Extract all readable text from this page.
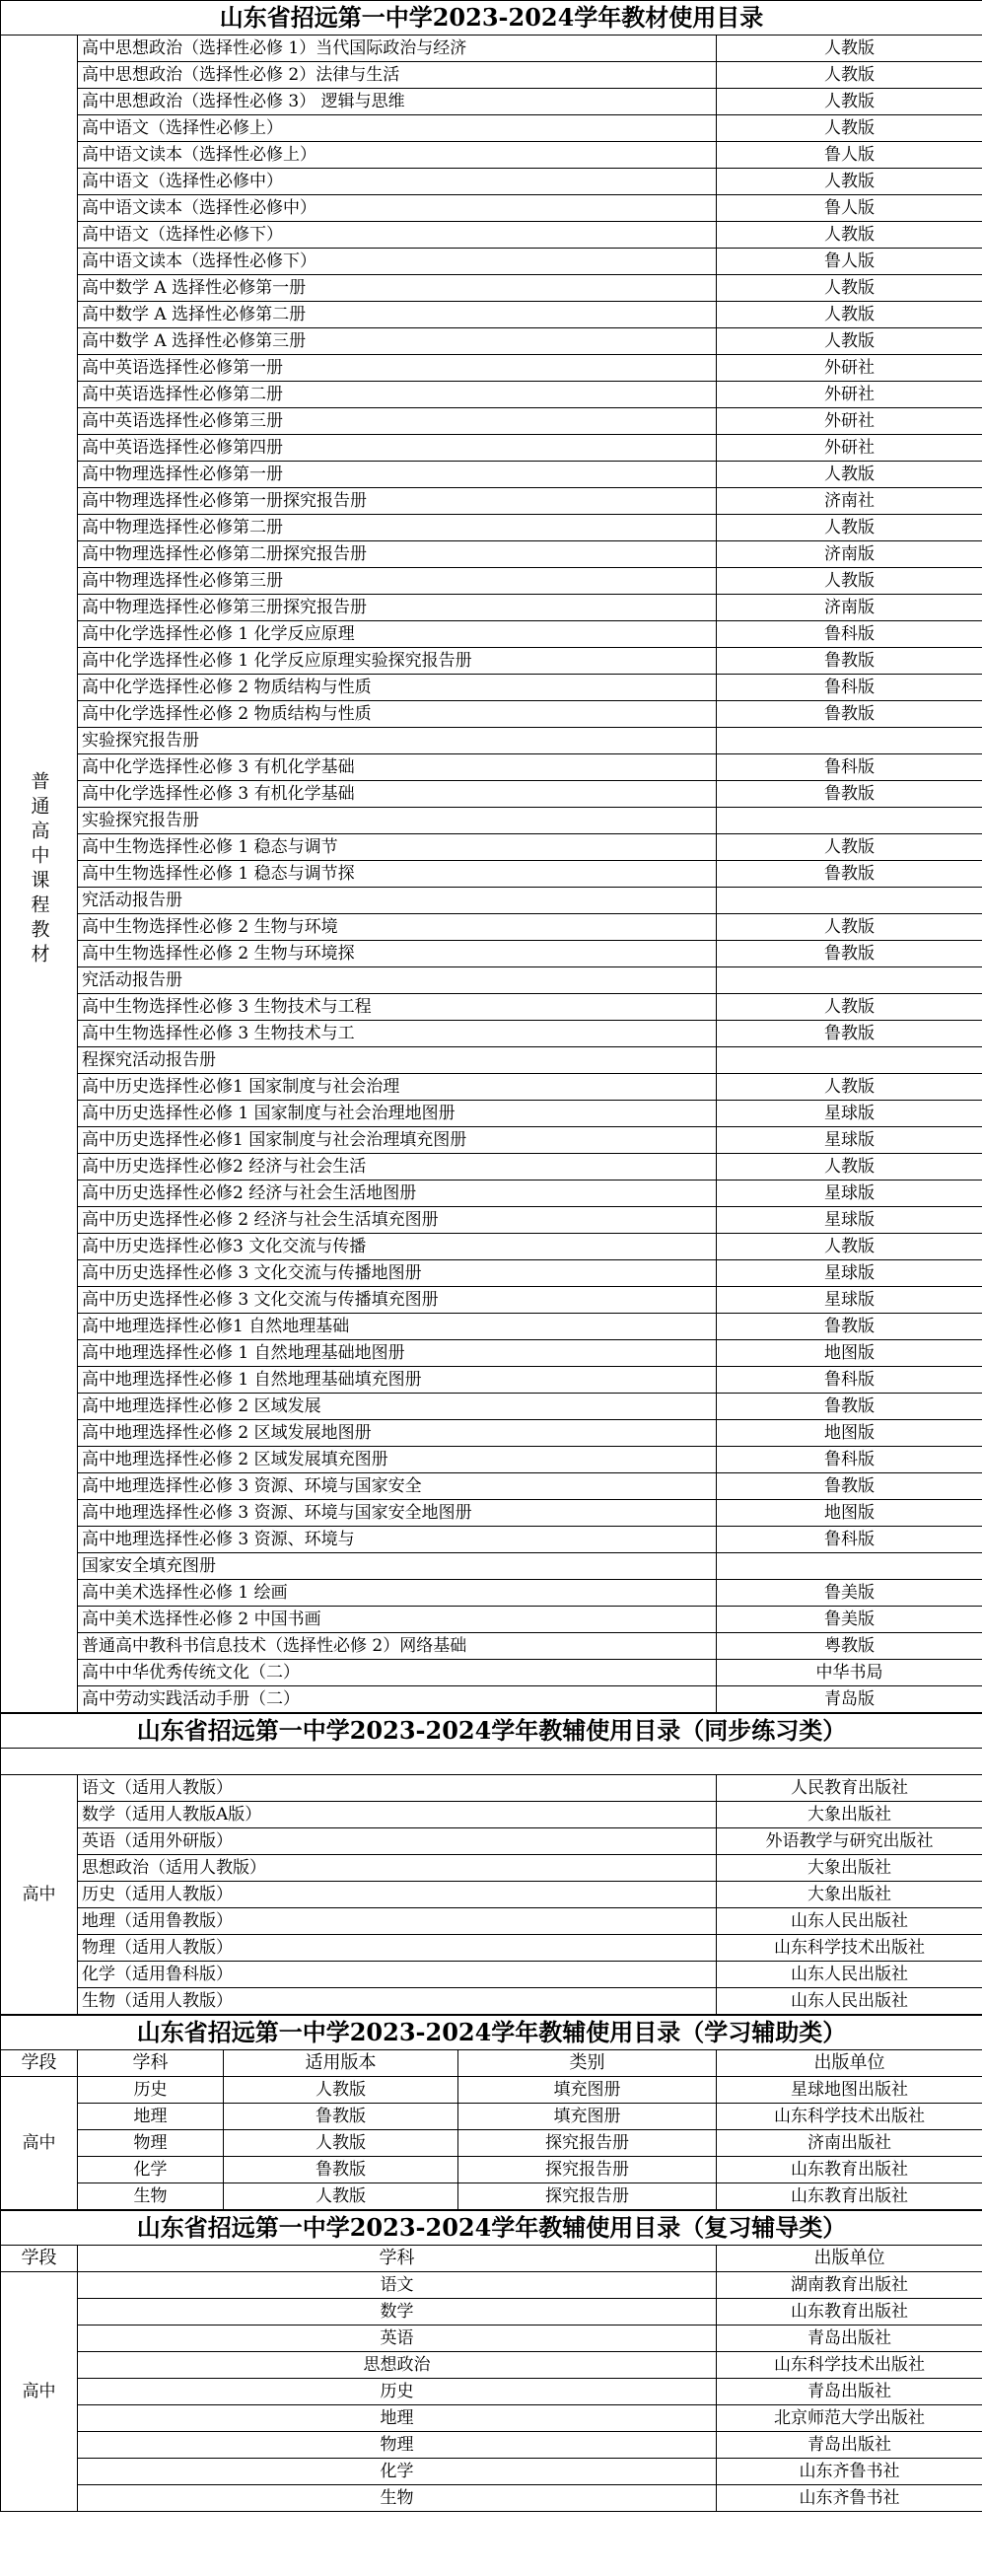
山东省招远第一中学2023-2024学年教材使用目录		
普通高中课程教材	高中思想政治（选择性必修 1）当代国际政治与经济	人教版
	高中思想政治（选择性必修 2）法律与生活	人教版
	高中思想政治（选择性必修 3） 逻辑与思维	人教版
	高中语文（选择性必修上）	人教版
	高中语文读本（选择性必修上）	鲁人版
	高中语文（选择性必修中）	人教版
	高中语文读本（选择性必修中）	鲁人版
	高中语文（选择性必修下）	人教版
	高中语文读本（选择性必修下）	鲁人版
	高中数学 A 选择性必修第一册	人教版
	高中数学 A 选择性必修第二册	人教版
	高中数学 A 选择性必修第三册	人教版
	高中英语选择性必修第一册	外研社
	高中英语选择性必修第二册	外研社
	高中英语选择性必修第三册	外研社
	高中英语选择性必修第四册	外研社
	高中物理选择性必修第一册	人教版
	高中物理选择性必修第一册探究报告册	济南社
	高中物理选择性必修第二册	人教版
	高中物理选择性必修第二册探究报告册	济南版
	高中物理选择性必修第三册	人教版
	高中物理选择性必修第三册探究报告册	济南版
	高中化学选择性必修 1 化学反应原理	鲁科版
	高中化学选择性必修 1 化学反应原理实验探究报告册	鲁教版
	高中化学选择性必修 2 物质结构与性质	鲁科版
	高中化学选择性必修 2 物质结构与性质	鲁教版
	实验探究报告册	
	高中化学选择性必修 3 有机化学基础	鲁科版
	高中化学选择性必修 3 有机化学基础	鲁教版
	实验探究报告册	
	高中生物选择性必修 1 稳态与调节	人教版
	高中生物选择性必修 1 稳态与调节探	鲁教版
	究活动报告册	
	高中生物选择性必修 2 生物与环境	人教版
	高中生物选择性必修 2 生物与环境探	鲁教版
	究活动报告册	
	高中生物选择性必修 3 生物技术与工程	人教版
	高中生物选择性必修 3 生物技术与工	鲁教版
	程探究活动报告册	
	高中历史选择性必修1 国家制度与社会治理	人教版
	高中历史选择性必修 1 国家制度与社会治理地图册	星球版
	高中历史选择性必修1 国家制度与社会治理填充图册	星球版
	高中历史选择性必修2 经济与社会生活	人教版
	高中历史选择性必修2 经济与社会生活地图册	星球版
	高中历史选择性必修 2 经济与社会生活填充图册	星球版
	高中历史选择性必修3 文化交流与传播	人教版
	高中历史选择性必修 3 文化交流与传播地图册	星球版
	高中历史选择性必修 3 文化交流与传播填充图册	星球版
	高中地理选择性必修1 自然地理基础	鲁教版
	高中地理选择性必修 1 自然地理基础地图册	地图版
	高中地理选择性必修 1 自然地理基础填充图册	鲁科版
	高中地理选择性必修 2 区域发展	鲁教版
	高中地理选择性必修 2 区域发展地图册	地图版
	高中地理选择性必修 2 区域发展填充图册	鲁科版
	高中地理选择性必修 3 资源、环境与国家安全	鲁教版
	高中地理选择性必修 3 资源、环境与国家安全地图册	地图版
	高中地理选择性必修 3 资源、环境与	鲁科版
	国家安全填充图册	
	高中美术选择性必修 1 绘画	鲁美版
	高中美术选择性必修 2 中国书画	鲁美版
	普通高中教科书信息技术（选择性必修 2）网络基础	粤教版
	高中中华优秀传统文化（二）	中华书局
	高中劳动实践活动手册（二）	青岛版
山东省招远第一中学2023-2024学年教辅使用目录（同步练习类）		

高中	语文（适用人教版）	人民教育出版社
	数学（适用人教版A版）	大象出版社
	英语（适用外研版）	外语教学与研究出版社
	思想政治（适用人教版）	大象出版社
	历史（适用人教版）	大象出版社
	地理（适用鲁教版）	山东人民出版社
	物理（适用人教版）	山东科学技术出版社
	化学（适用鲁科版）	山东人民出版社
	生物（适用人教版）	山东人民出版社
山东省招远第一中学2023-2024学年教辅使用目录（学习辅助类）				
学段	学科	适用版本	类别	出版单位
高中	历史	人教版	填充图册	星球地图出版社
	地理	鲁教版	填充图册	山东科学技术出版社
	物理	人教版	探究报告册	济南出版社
	化学	鲁教版	探究报告册	山东教育出版社
	生物	人教版	探究报告册	山东教育出版社
山东省招远第一中学2023-2024学年教辅使用目录（复习辅导类）		
学段	学科	出版单位
高中	语文	湖南教育出版社
	数学	山东教育出版社
	英语	青岛出版社
	思想政治	山东科学技术出版社
	历史	青岛出版社
	地理	北京师范大学出版社
	物理	青岛出版社
	化学	山东齐鲁书社
	生物	山东齐鲁书社
